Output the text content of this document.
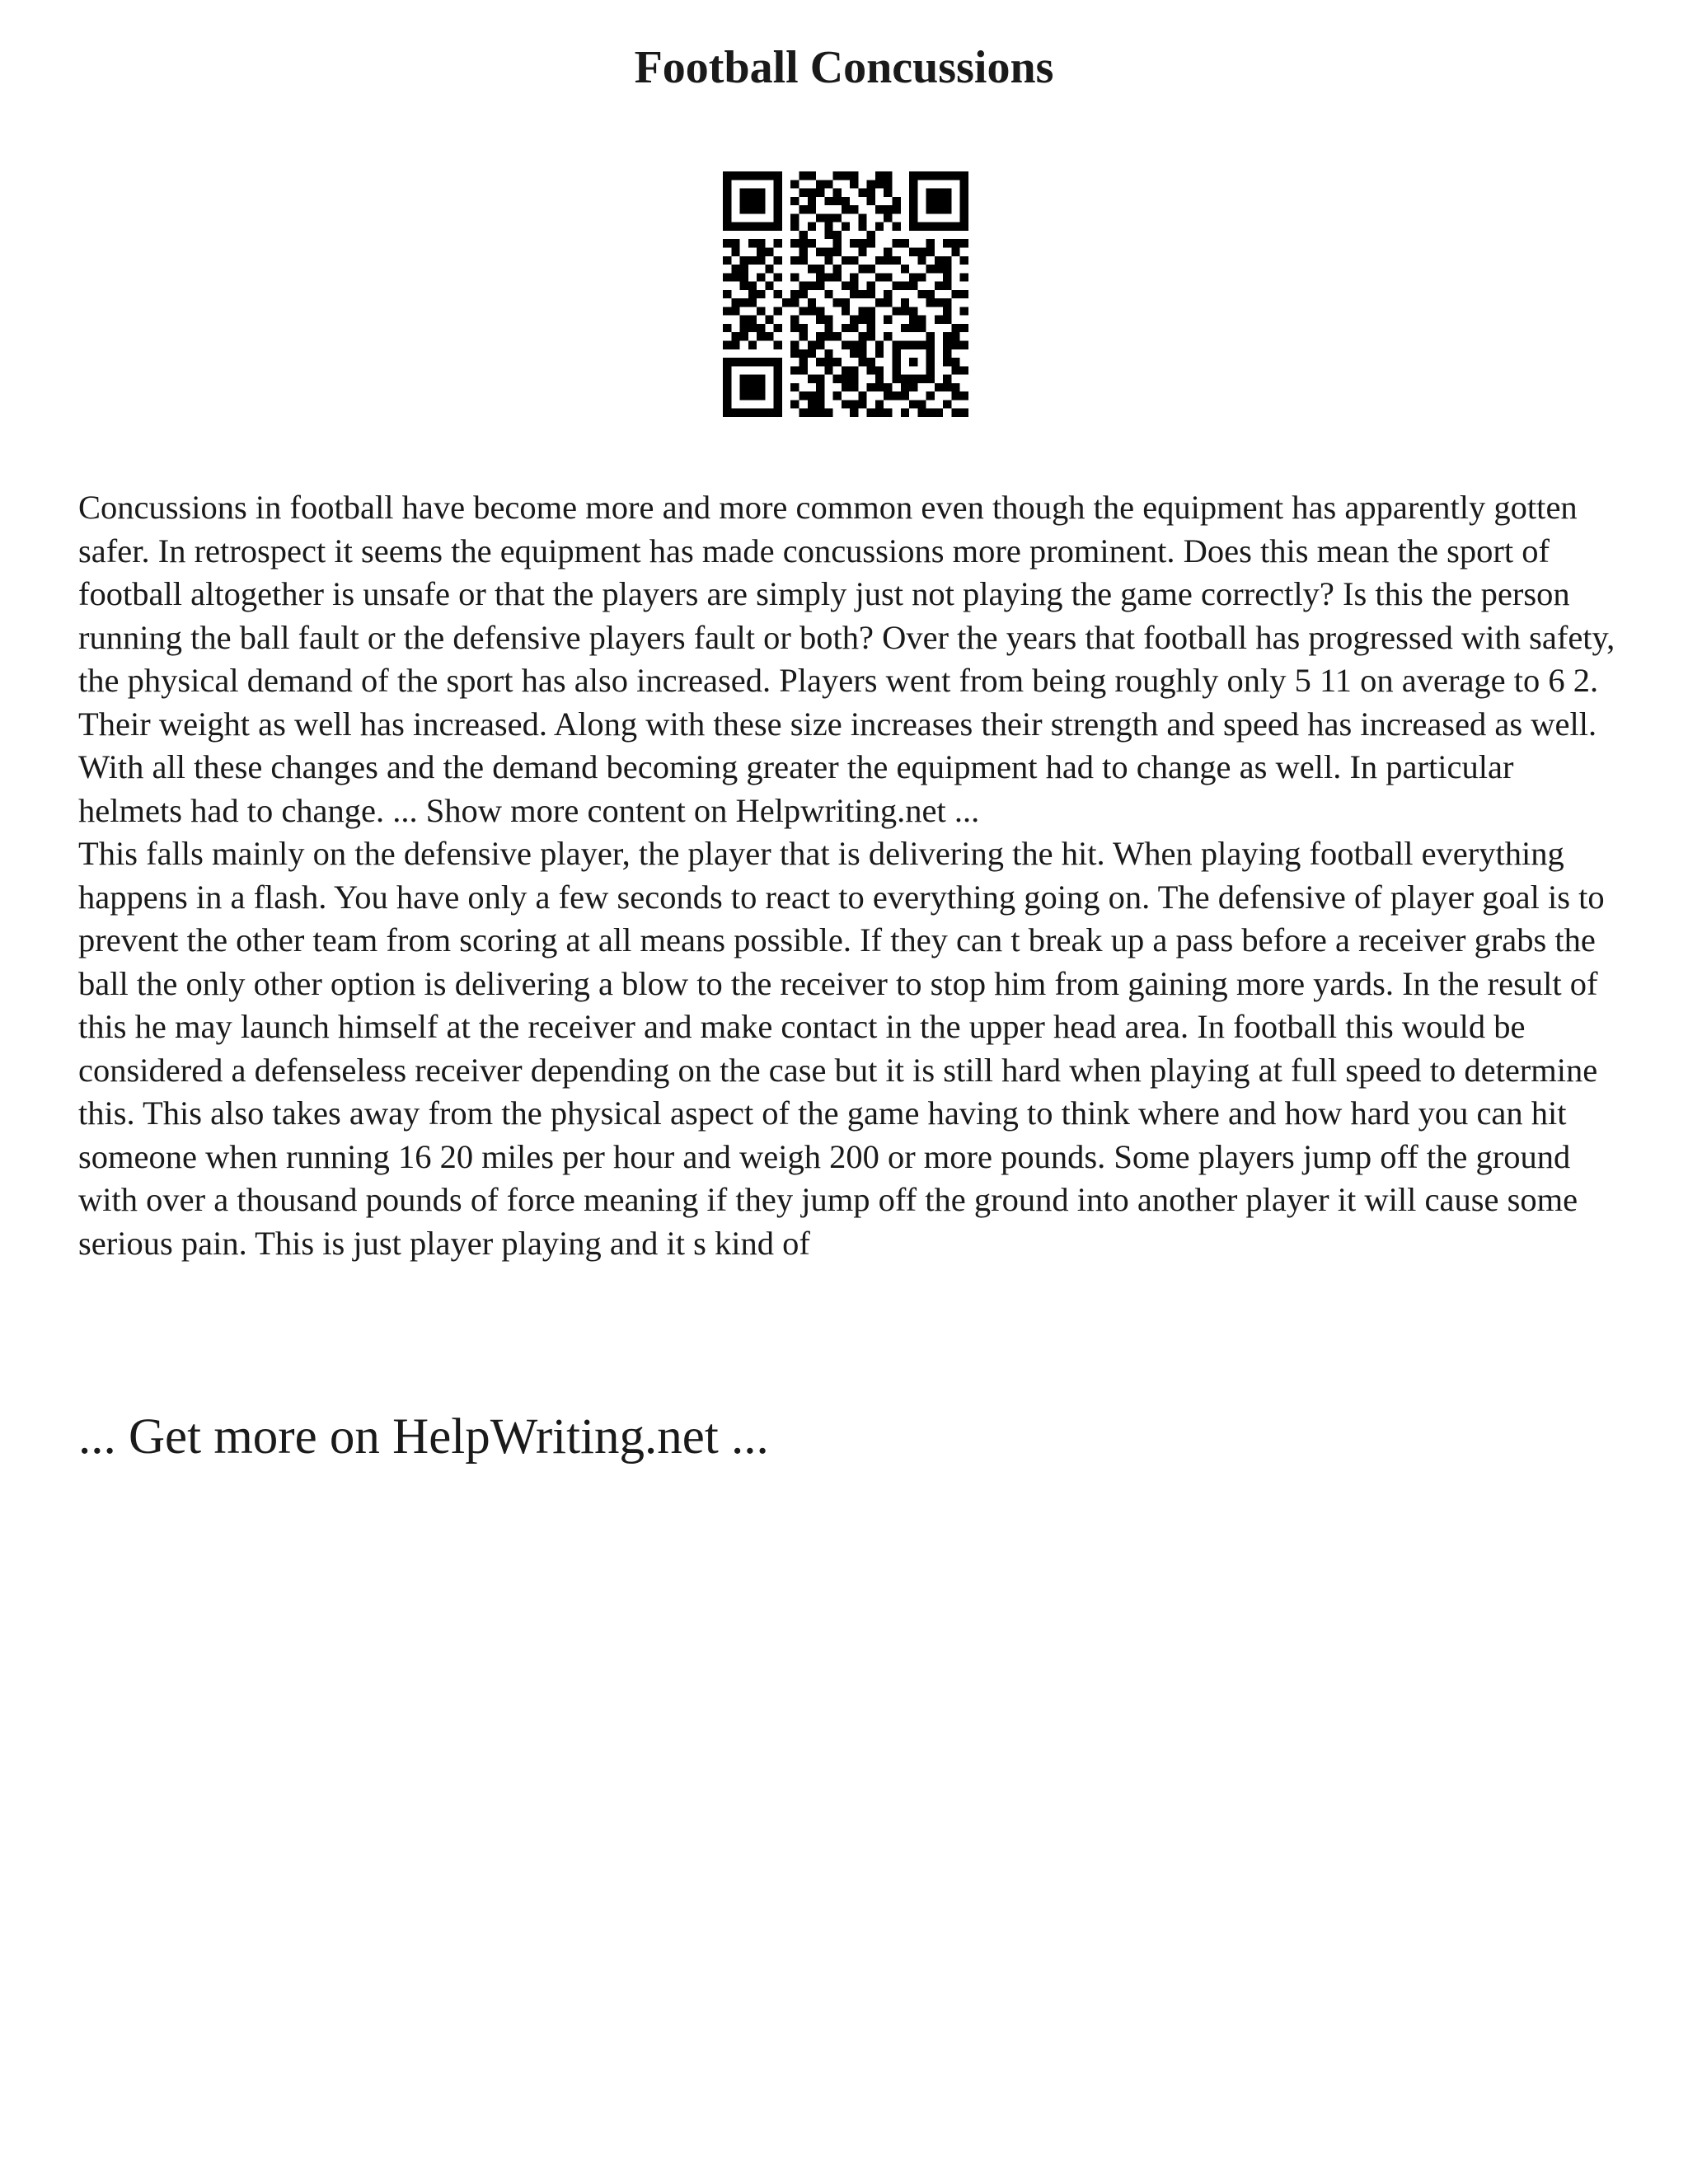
Football Concussions

Concussions in football have become more and more common even though the equipment has apparently gotten safer. In retrospect it seems the equipment has made concussions more prominent. Does this mean the sport of football altogether is unsafe or that the players are simply just not playing the game correctly? Is this the person running the ball fault or the defensive players fault or both? Over the years that football has progressed with safety, the physical demand of the sport has also increased. Players went from being roughly only 5 11 on average to 6 2. Their weight as well has increased. Along with these size increases their strength and speed has increased as well. With all these changes and the demand becoming greater the equipment had to change as well. In particular helmets had to change. ... Show more content on Helpwriting.net ...

This falls mainly on the defensive player, the player that is delivering the hit. When playing football everything happens in a flash. You have only a few seconds to react to everything going on. The defensive of player goal is to prevent the other team from scoring at all means possible. If they can t break up a pass before a receiver grabs the ball the only other option is delivering a blow to the receiver to stop him from gaining more yards. In the result of this he may launch himself at the receiver and make contact in the upper head area. In football this would be considered a defenseless receiver depending on the case but it is still hard when playing at full speed to determine this. This also takes away from the physical aspect of the game having to think where and how hard you can hit someone when running 16 20 miles per hour and weigh 200 or more pounds. Some players jump off the ground with over a thousand pounds of force meaning if they jump off the ground into another player it will cause some serious pain. This is just player playing and it s kind of

... Get more on HelpWriting.net ...
